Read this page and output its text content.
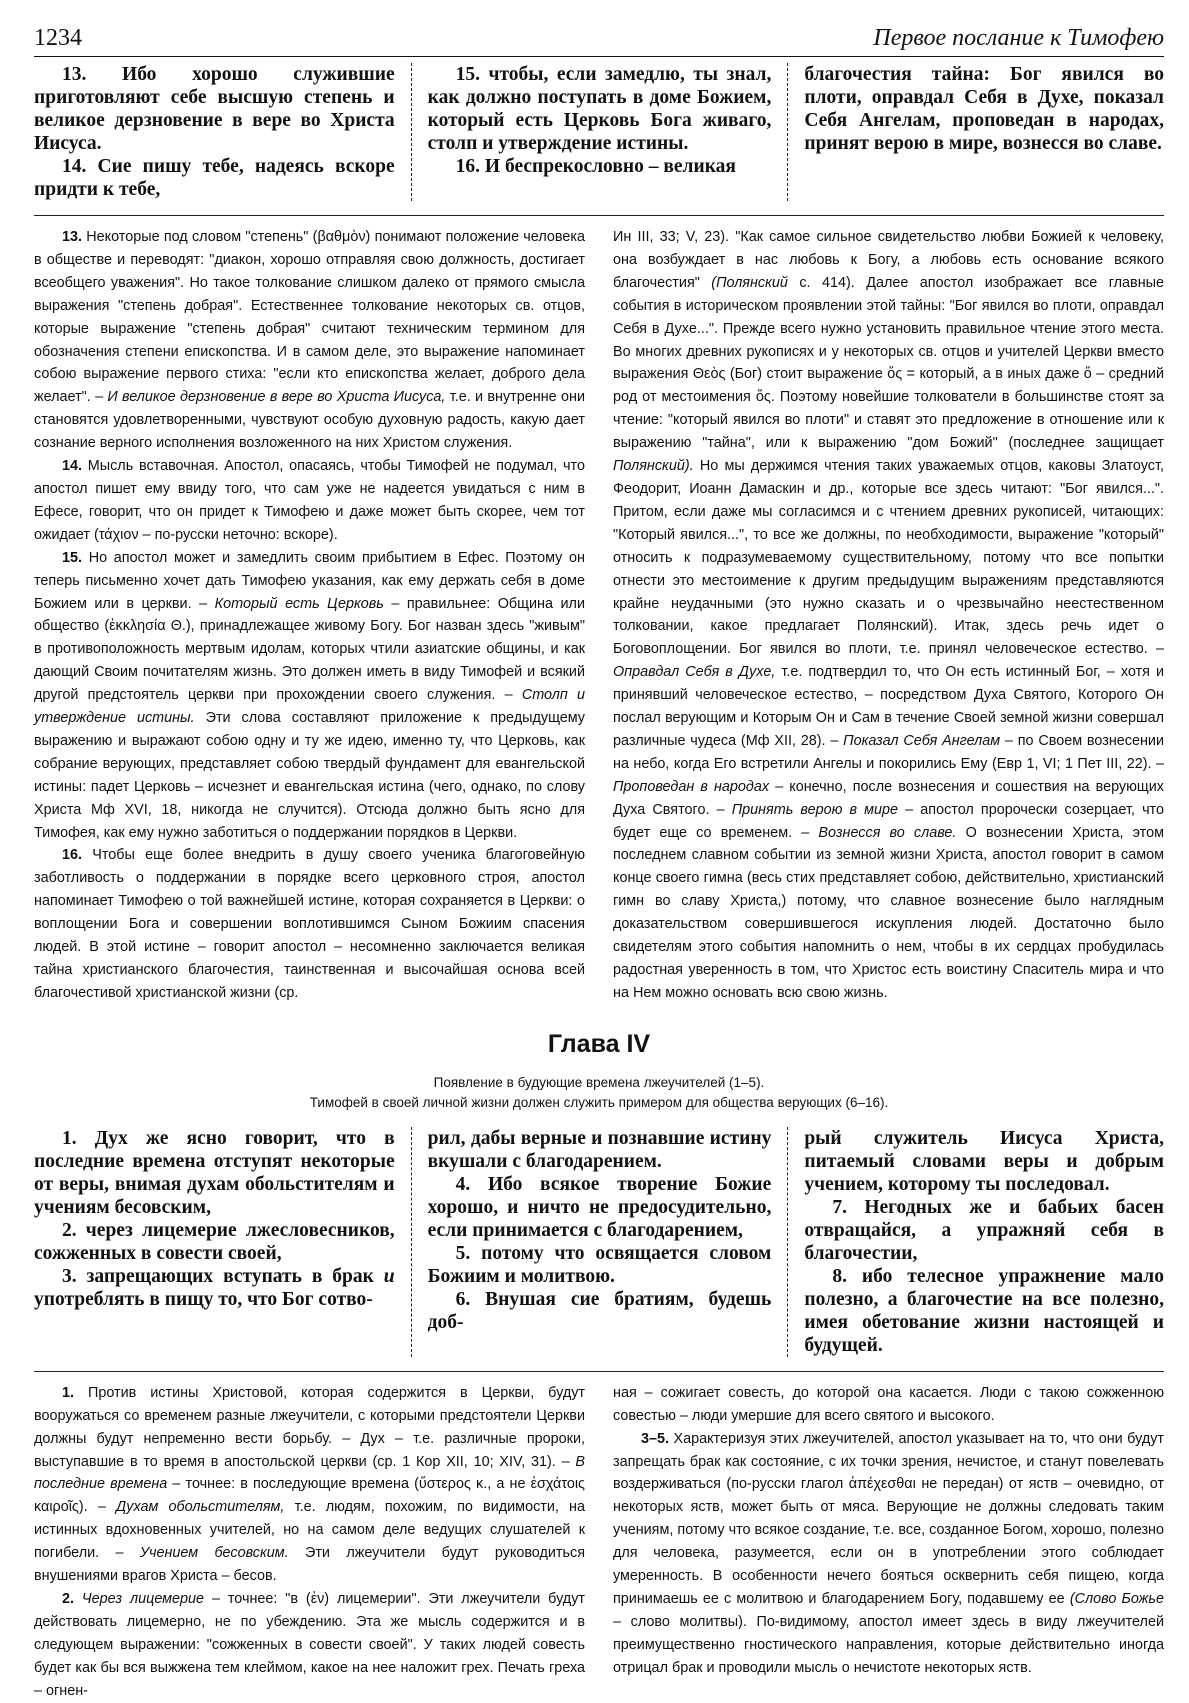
1234	Первое послание к Тимофею

13. Ибо хорошо служившие приготовляют себе высшую степень и великое дерзновение в вере во Христа Иисуса.

14. Сие пишу тебе, надеясь вскоре придти к тебе,

15. чтобы, если замедлю, ты знал, как должно поступать в доме Божием, который есть Церковь Бога живаго, столп и утверждение истины.

16. И беспрекословно – великая

благочестия тайна: Бог явился во плоти, оправдал Себя в Духе, показал Себя Ангелам, проповедан в народах, принят верою в мире, вознесся во славе.

13. Некоторые под словом "степень" (βαθμὸν) понимают положение человека в обществе и переводят: "диакон, хорошо отправляя свою должность, достигает всеобщего уважения". Но такое толкование слишком далеко от прямого смысла выражения "степень добрая". Естественнее толкование некоторых св. отцов, которые выражение "степень добрая" считают техническим термином для обозначения степени епископства. И в самом деле, это выражение напоминает собою выражение первого стиха: "если кто епископства желает, доброго дела желает". – И великое дерзновение в вере во Христа Иисуса, т.е. и внутренне они становятся удовлетворенными, чувствуют особую духовную радость, какую дает сознание верного исполнения возложенного на них Христом служения.

14. Мысль вставочная. Апостол, опасаясь, чтобы Тимофей не подумал, что апостол пишет ему ввиду того, что сам уже не надеется увидаться с ним в Ефесе, говорит, что он придет к Тимофею и даже может быть скорее, чем тот ожидает (τάχιον – по-русски неточно: вскоре).

15. Но апостол может и замедлить своим прибытием в Ефес. Поэтому он теперь письменно хочет дать Тимофею указания, как ему держать себя в доме Божием или в церкви. – Который есть Церковь – правильнее: Община или общество (ἐκκλησία Θ.), принадлежащее живому Богу. Бог назван здесь "живым" в противоположность мертвым идолам, которых чтили азиатские общины, и как дающий Своим почитателям жизнь. Это должен иметь в виду Тимофей и всякий другой предстоятель церкви при прохождении своего служения. – Столп и утверждение истины. Эти слова составляют приложение к предыдущему выражению и выражают собою одну и ту же идею, именно ту, что Церковь, как собрание верующих, представляет собою твердый фундамент для евангельской истины: падет Церковь – исчезнет и евангельская истина (чего, однако, по слову Христа Мф XVI, 18, никогда не случится). Отсюда должно быть ясно для Тимофея, как ему нужно заботиться о поддержании порядков в Церкви.

16. Чтобы еще более внедрить в душу своего ученика благоговейную заботливость о поддержании в порядке всего церковного строя, апостол напоминает Тимофею о той важнейшей истине, которая сохраняется в Церкви: о воплощении Бога и совершении воплотившимся Сыном Божиим спасения людей. В этой истине – говорит апостол – несомненно заключается великая тайна христианского благочестия, таинственная и высочайшая основа всей благочестивой христианской жизни (ср.

Ин III, 33; V, 23). "Как самое сильное свидетельство любви Божией к человеку, она возбуждает в нас любовь к Богу, а любовь есть основание всякого благочестия" (Полянский с. 414). Далее апостол изображает все главные события в историческом проявлении этой тайны: "Бог явился во плоти, оправдал Себя в Духе...". Прежде всего нужно установить правильное чтение этого места. Во многих древних рукописях и у некоторых св. отцов и учителей Церкви вместо выражения Θεὸς (Бог) стоит выражение ὅς = который, а в иных даже ὅ – средний род от местоимения ὅς. Поэтому новейшие толкователи в большинстве стоят за чтение: "который явился во плоти" и ставят это предложение в отношение или к выражению "тайна", или к выражению "дом Божий" (последнее защищает Полянский). Но мы держимся чтения таких уважаемых отцов, каковы Златоуст, Феодорит, Иоанн Дамаскин и др., которые все здесь читают: "Бог явился...". Притом, если даже мы согласимся и с чтением древних рукописей, читающих: "Который явился...", то все же должны, по необходимости, выражение "который" относить к подразумеваемому существительному, потому что все попытки отнести это местоимение к другим предыдущим выражениям представляются крайне неудачными (это нужно сказать и о чрезвычайно неестественном толковании, какое предлагает Полянский). Итак, здесь речь идет о Боговоплощении. Бог явился во плоти, т.е. принял человеческое естество. – Оправдал Себя в Духе, т.е. подтвердил то, что Он есть истинный Бог, – хотя и принявший человеческое естество, – посредством Духа Святого, Которого Он послал верующим и Которым Он и Сам в течение Своей земной жизни совершал различные чудеса (Мф XII, 28). – Показал Себя Ангелам – по Своем вознесении на небо, когда Его встретили Ангелы и покорились Ему (Евр 1, VI; 1 Пет III, 22). – Проповедан в народах – конечно, после вознесения и сошествия на верующих Духа Святого. – Принять верою в мире – апостол пророчески созерцает, что будет еще со временем. – Вознесся во славе. О вознесении Христа, этом последнем славном событии из земной жизни Христа, апостол говорит в самом конце своего гимна (весь стих представляет собою, действительно, христианский гимн во славу Христа,) потому, что славное вознесение было наглядным доказательством совершившегося искупления людей. Достаточно было свидетелям этого события напомнить о нем, чтобы в их сердцах пробудилась радостная уверенность в том, что Христос есть воистину Спаситель мира и что на Нем можно основать всю свою жизнь.

Глава IV
Появление в будующие времена лжеучителей (1–5).
Тимофей в своей личной жизни должен служить примером для общества верующих (6–16).

1. Дух же ясно говорит, что в последние времена отступят некоторые от веры, внимая духам обольстителям и учениям бесовским,

2. через лицемерие лжесловесников, сожженных в совести своей,

3. запрещающих вступать в брак и употреблять в пищу то, что Бог сотво-

рил, дабы верные и познавшие истину вкушали с благодарением.

4. Ибо всякое творение Божие хорошо, и ничто не предосудительно, если принимается с благодарением,

5. потому что освящается словом Божиим и молитвою.

6. Внушая сие братиям, будешь доб-

рый служитель Иисуса Христа, питаемый словами веры и добрым учением, которому ты последовал.

7. Негодных же и бабьих басен отвращайся, а упражняй себя в благочестии,

8. ибо телесное упражнение мало полезно, а благочестие на все полезно, имея обетование жизни настоящей и будущей.

1. Против истины Христовой, которая содержится в Церкви, будут вооружаться со временем разные лжеучители, с которыми предстоятели Церкви должны будут непременно вести борьбу. – Дух – т.е. различные пророки, выступавшие в то время в апостольской церкви (ср. 1 Кор XII, 10; XIV, 31). – В последние времена – точнее: в последующие времена (ὕστερος κ., а не ἐσχάτοις καιροῖς). – Духам обольстителям, т.е. людям, похожим, по видимости, на истинных вдохновенных учителей, но на самом деле ведущих слушателей к погибели. – Учением бесовским. Эти лжеучители будут руководиться внушениями врагов Христа – бесов.

2. Через лицемерие – точнее: "в (ἐν) лицемерии". Эти лжеучители будут действовать лицемерно, не по убеждению. Эта же мысль содержится и в следующем выражении: "сожженных в совести своей". У таких людей совесть будет как бы вся выжжена тем клеймом, какое на нее наложит грех. Печать греха – огнен-

ная – сожигает совесть, до которой она касается. Люди с такою сожженною совестью – люди умершие для всего святого и высокого.

3–5. Характеризуя этих лжеучителей, апостол указывает на то, что они будут запрещать брак как состояние, с их точки зрения, нечистое, и станут повелевать воздерживаться (по-русски глагол ἀπέχεσθαι не передан) от яств – очевидно, от некоторых яств, может быть от мяса. Верующие не должны следовать таким учениям, потому что всякое создание, т.е. все, созданное Богом, хорошо, полезно для человека, разумеется, если он в употреблении этого соблюдает умеренность. В особенности нечего бояться осквернить себя пищею, когда принимаешь ее с молитвою и благодарением Богу, подавшему ее (Слово Божье – слово молитвы). По-видимому, апостол имеет здесь в виду лжеучителей преимущественно гностического направления, которые действительно иногда отрицал брак и проводили мысль о нечистоте некоторых яств.
